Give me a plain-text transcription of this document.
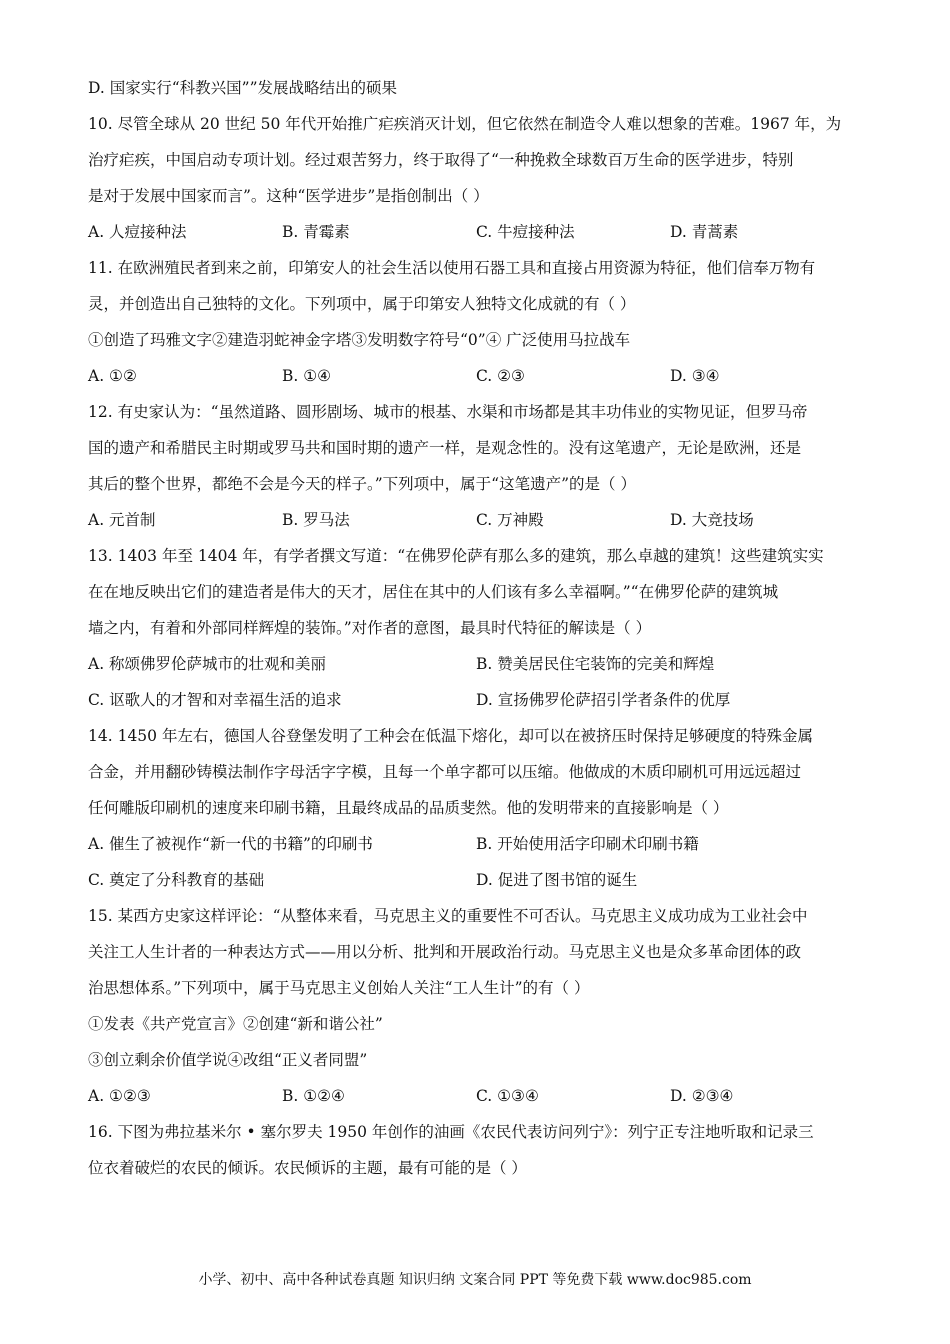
D. 国家实行“科教兴国””发展战略结出的硕果
10. 尽管全球从 20 世纪 50 年代开始推广疟疾消灭计划，但它依然在制造令人难以想象的苦难。1967 年，为
治疗疟疾，中国启动专项计划。经过艰苦努力，终于取得了“一种挽救全球数百万生命的医学进步，特别
是对于发展中国家而言”。这种“医学进步”是指创制出（ ）
A. 人痘接种法	B. 青霉素	C. 牛痘接种法	D. 青蒿素
11. 在欧洲殖民者到来之前，印第安人的社会生活以使用石器工具和直接占用资源为特征，他们信奉万物有
灵，并创造出自己独特的文化。下列项中，属于印第安人独特文化成就的有（ ）
①创造了玛雅文字②建造羽蛇神金字塔③发明数字符号“0”④ 广泛使用马拉战车
A. ①②	B. ①④	C. ②③	D. ③④
12. 有史家认为：“虽然道路、圆形剧场、城市的根基、水渠和市场都是其丰功伟业的实物见证，但罗马帝
国的遗产和希腊民主时期或罗马共和国时期的遗产一样，是观念性的。没有这笔遗产，无论是欧洲，还是
其后的整个世界，都绝不会是今天的样子。”下列项中，属于“这笔遗产”的是（ ）
A. 元首制	B. 罗马法	C. 万神殿	D. 大竞技场
13. 1403 年至 1404 年，有学者撰文写道：“在佛罗伦萨有那么多的建筑，那么卓越的建筑！这些建筑实实
在在地反映出它们的建造者是伟大的天才，居住在其中的人们该有多么幸福啊。”“在佛罗伦萨的建筑城
墙之内，有着和外部同样辉煌的装饰。”对作者的意图，最具时代特征的解读是（ ）
A. 称颂佛罗伦萨城市的壮观和美丽	B. 赞美居民住宅装饰的完美和辉煌
C. 讴歌人的才智和对幸福生活的追求	D. 宣扬佛罗伦萨招引学者条件的优厚
14. 1450 年左右，德国人谷登堡发明了工种会在低温下熔化，却可以在被挤压时保持足够硬度的特殊金属
合金，并用翻砂铸模法制作字母活字字模，且每一个单字都可以压缩。他做成的木质印刷机可用远远超过
任何雕版印刷机的速度来印刷书籍，且最终成品的品质斐然。他的发明带来的直接影响是（ ）
A. 催生了被视作“新一代的书籍”的印刷书	B. 开始使用活字印刷术印刷书籍
C. 奠定了分科教育的基础	D. 促进了图书馆的诞生
15. 某西方史家这样评论：“从整体来看，马克思主义的重要性不可否认。马克思主义成功成为工业社会中
关注工人生计者的一种表达方式——用以分析、批判和开展政治行动。马克思主义也是众多革命团体的政
治思想体系。”下列项中，属于马克思主义创始人关注“工人生计”的有（ ）
①发表《共产党宣言》②创建“新和谐公社”
③创立剩余价值学说④改组“正义者同盟”
A. ①②③	B. ①②④	C. ①③④	D. ②③④
16. 下图为弗拉基米尔 • 塞尔罗夫 1950 年创作的油画《农民代表访问列宁》：列宁正专注地听取和记录三
位衣着破烂的农民的倾诉。农民倾诉的主题，最有可能的是（ ）
小学、初中、高中各种试卷真题 知识归纳 文案合同 PPT 等免费下载 www.doc985.com
